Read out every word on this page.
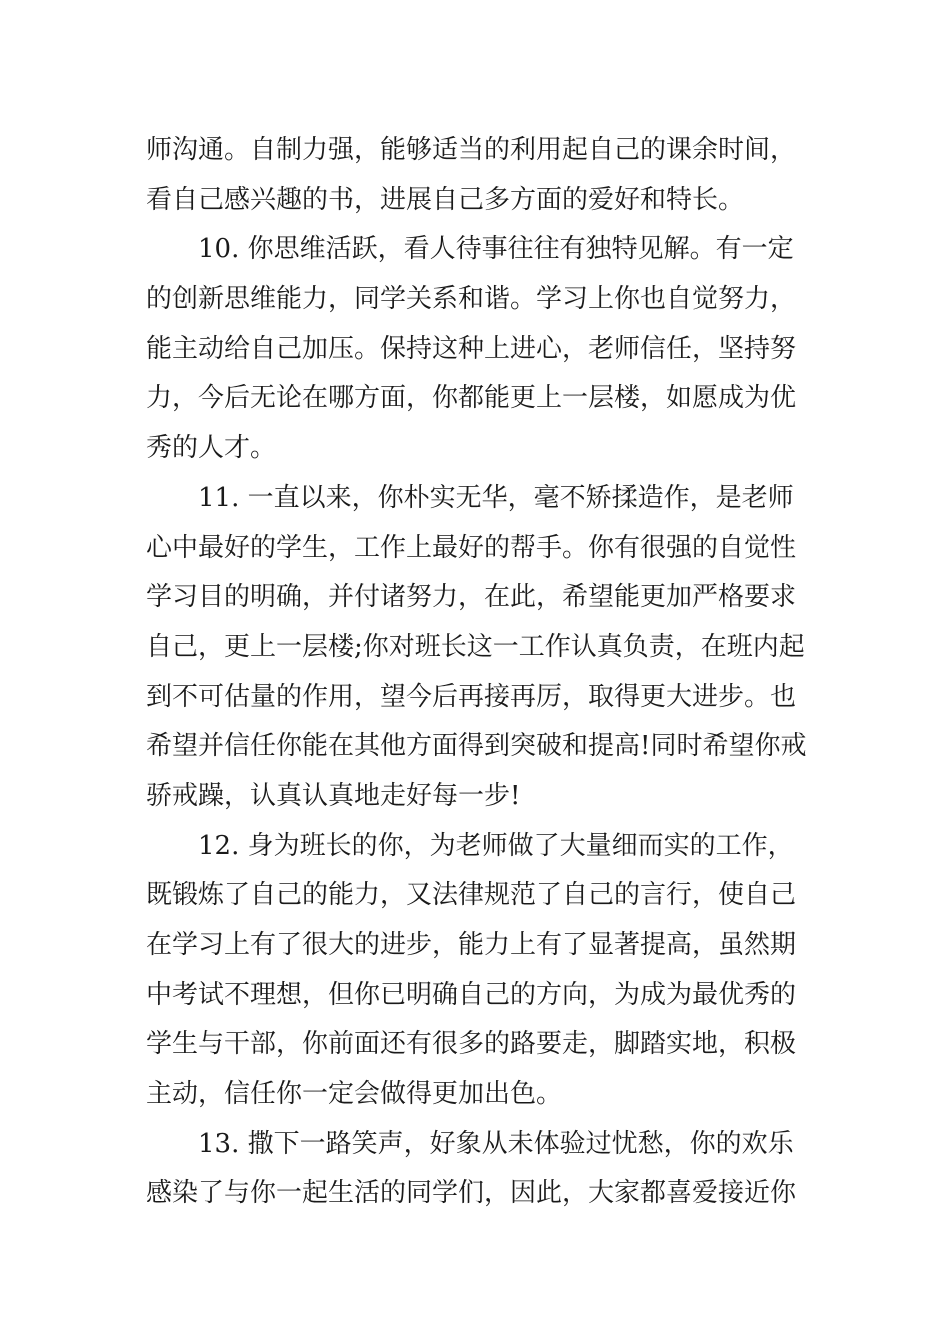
师沟通。自制力强，能够适当的利用起自己的课余时间，
看自己感兴趣的书，进展自己多方面的爱好和特长。
10. 你思维活跃，看人待事往往有独特见解。有一定
的创新思维能力，同学关系和谐。学习上你也自觉努力，
能主动给自己加压。保持这种上进心，老师信任，坚持努
力，今后无论在哪方面，你都能更上一层楼，如愿成为优
秀的人才。
11. 一直以来，你朴实无华，毫不矫揉造作，是老师
心中最好的学生，工作上最好的帮手。你有很强的自觉性
学习目的明确，并付诸努力，在此，希望能更加严格要求
自己，更上一层楼;你对班长这一工作认真负责，在班内起
到不可估量的作用，望今后再接再厉，取得更大进步。也
希望并信任你能在其他方面得到突破和提高!同时希望你戒
骄戒躁，认真认真地走好每一步!
12. 身为班长的你，为老师做了大量细而实的工作，
既锻炼了自己的能力，又法律规范了自己的言行，使自己
在学习上有了很大的进步，能力上有了显著提高，虽然期
中考试不理想，但你已明确自己的方向，为成为最优秀的
学生与干部，你前面还有很多的路要走，脚踏实地，积极
主动，信任你一定会做得更加出色。
13. 撒下一路笑声，好象从未体验过忧愁，你的欢乐
感染了与你一起生活的同学们，因此，大家都喜爱接近你
